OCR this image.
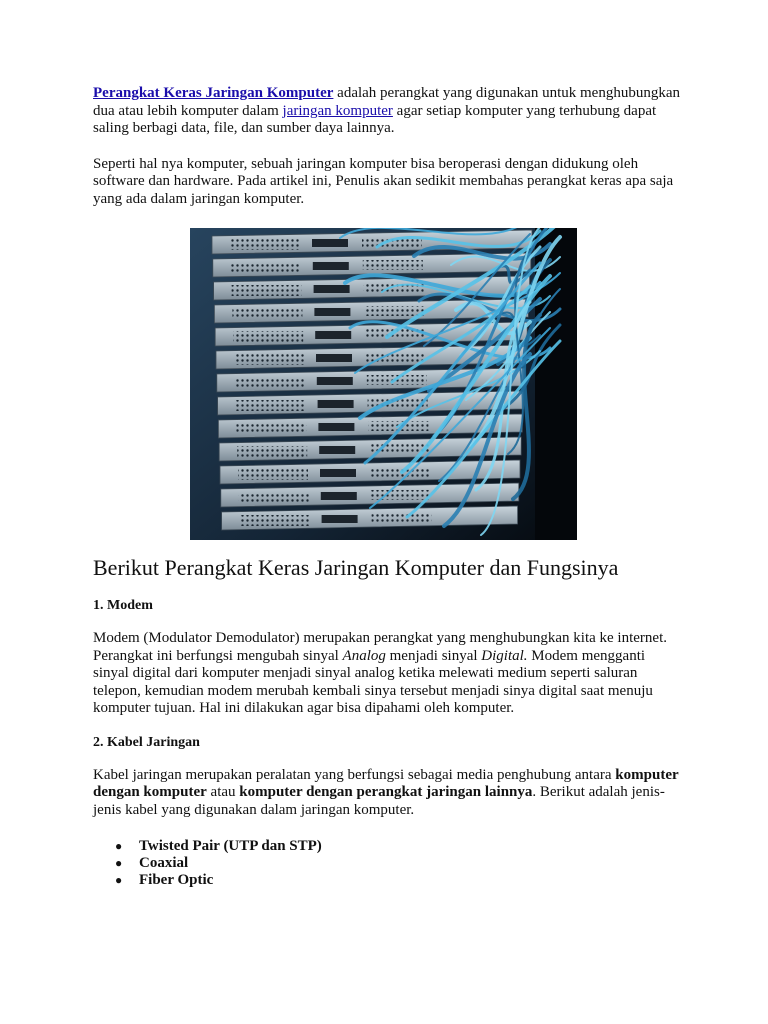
Perangkat Keras Jaringan Komputer adalah perangkat yang digunakan untuk menghubungkan dua atau lebih komputer dalam jaringan komputer agar setiap komputer yang terhubung dapat saling berbagi data, file, dan sumber daya lainnya.

Seperti hal nya komputer, sebuah jaringan komputer bisa beroperasi dengan didukung oleh software dan hardware. Pada artikel ini, Penulis akan sedikit membahas perangkat keras apa saja yang ada dalam jaringan komputer.

Berikut Perangkat Keras Jaringan Komputer dan Fungsinya
1. Modem

Modem (Modulator Demodulator) merupakan perangkat yang menghubungkan kita ke internet. Perangkat ini berfungsi mengubah sinyal Analog menjadi sinyal Digital. Modem mengganti sinyal digital dari komputer menjadi sinyal analog ketika melewati medium seperti saluran telepon, kemudian modem merubah kembali sinya tersebut menjadi sinya digital saat menuju komputer tujuan. Hal ini dilakukan agar bisa dipahami oleh komputer.

2. Kabel Jaringan

Kabel jaringan merupakan peralatan yang berfungsi sebagai media penghubung antara komputer dengan komputer atau komputer dengan perangkat jaringan lainnya. Berikut adalah jenis-jenis kabel yang digunakan dalam jaringan komputer.

● Twisted Pair (UTP dan STP)
● Coaxial
● Fiber Optic
